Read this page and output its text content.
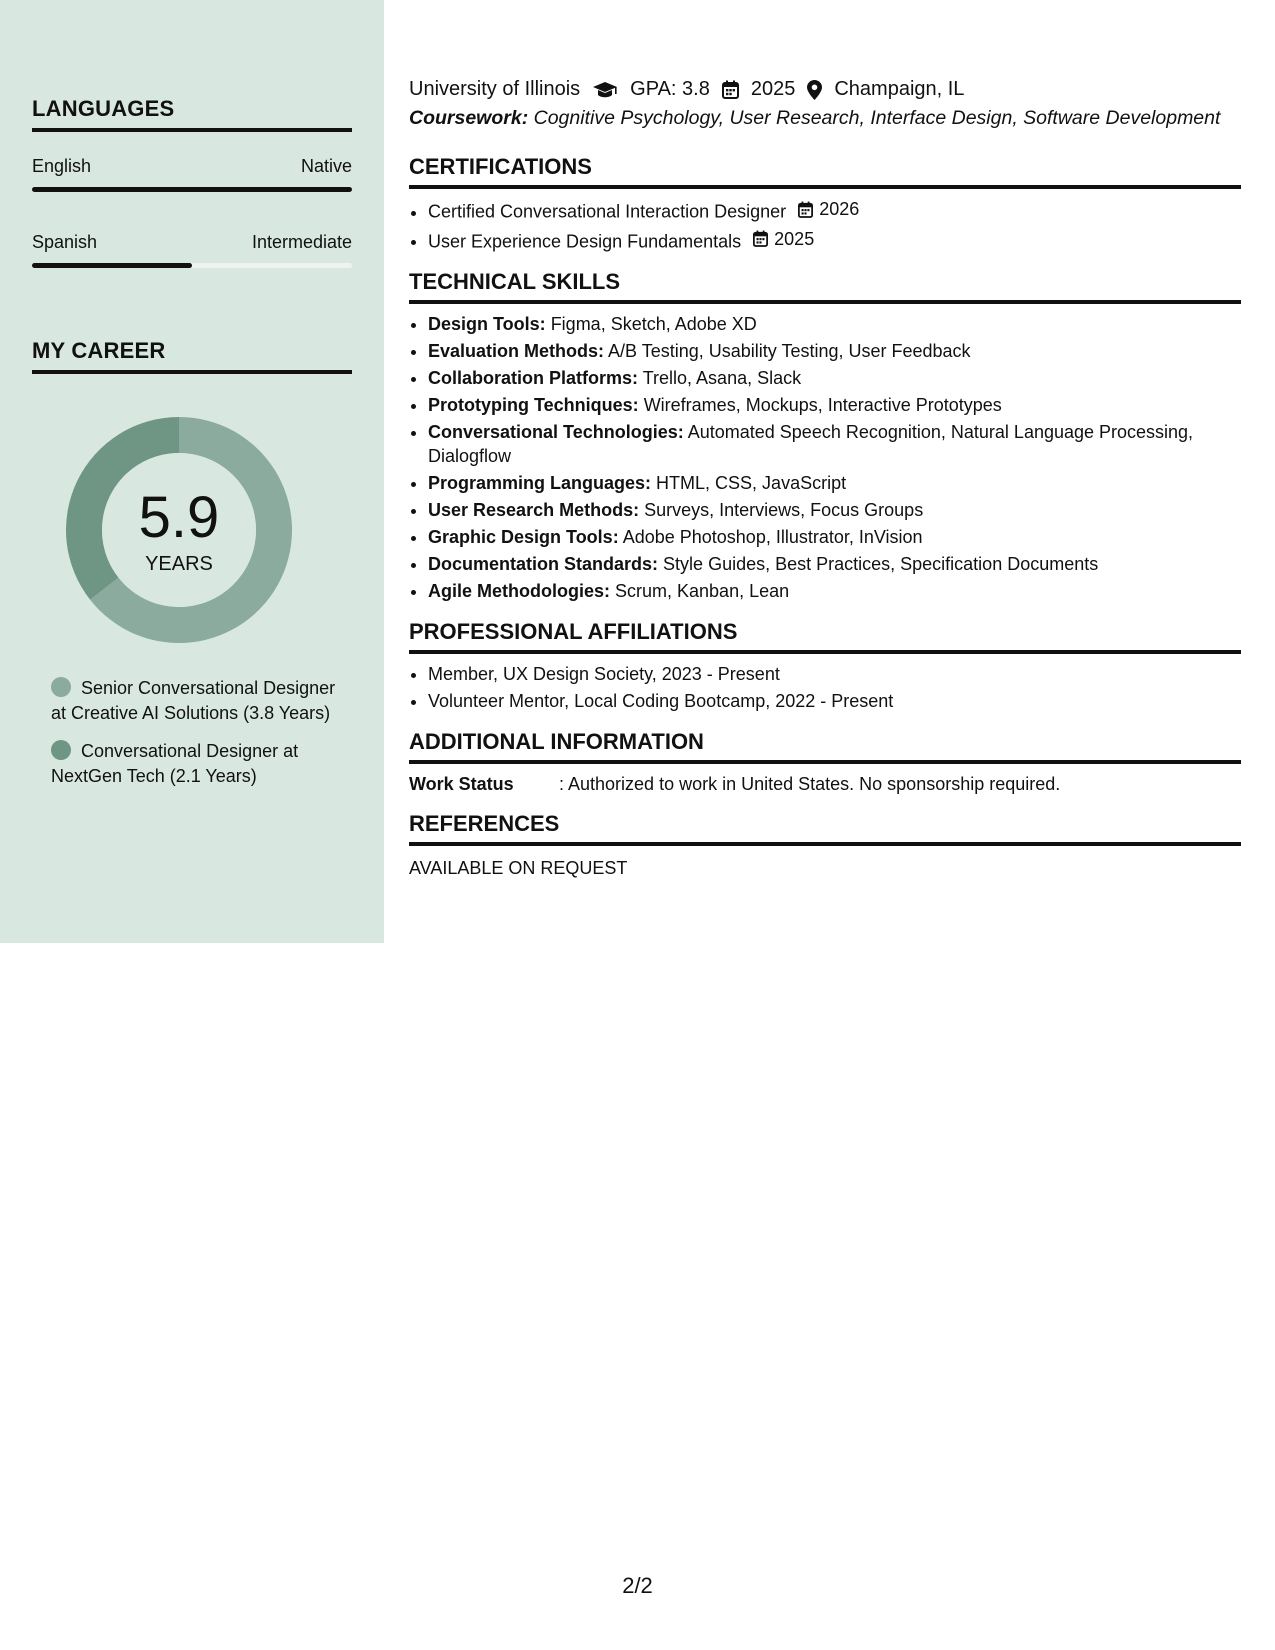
LANGUAGES
English	Native
Spanish	Intermediate
MY CAREER
5.9
YEARS
Senior Conversational Designer at Creative AI Solutions (3.8 Years)
Conversational Designer at NextGen Tech (2.1 Years)
University of Illinois	GPA: 3.8 2025 Champaign, IL
Coursework: Cognitive Psychology, User Research, Interface Design, Software Development
CERTIFICATIONS
• Certified Conversational Interaction Designer 2026
• User Experience Design Fundamentals 2025
TECHNICAL SKILLS
• Design Tools: Figma, Sketch, Adobe XD
• Evaluation Methods: A/B Testing, Usability Testing, User Feedback
• Collaboration Platforms: Trello, Asana, Slack
• Prototyping Techniques: Wireframes, Mockups, Interactive Prototypes
• Conversational Technologies: Automated Speech Recognition, Natural Language Processing, Dialogflow
• Programming Languages: HTML, CSS, JavaScript
• User Research Methods: Surveys, Interviews, Focus Groups
• Graphic Design Tools: Adobe Photoshop, Illustrator, InVision
• Documentation Standards: Style Guides, Best Practices, Specification Documents
• Agile Methodologies: Scrum, Kanban, Lean
PROFESSIONAL AFFILIATIONS
• Member, UX Design Society, 2023 - Present
• Volunteer Mentor, Local Coding Bootcamp, 2022 - Present
ADDITIONAL INFORMATION
Work Status	: Authorized to work in United States. No sponsorship required.
REFERENCES
AVAILABLE ON REQUEST
2/2
